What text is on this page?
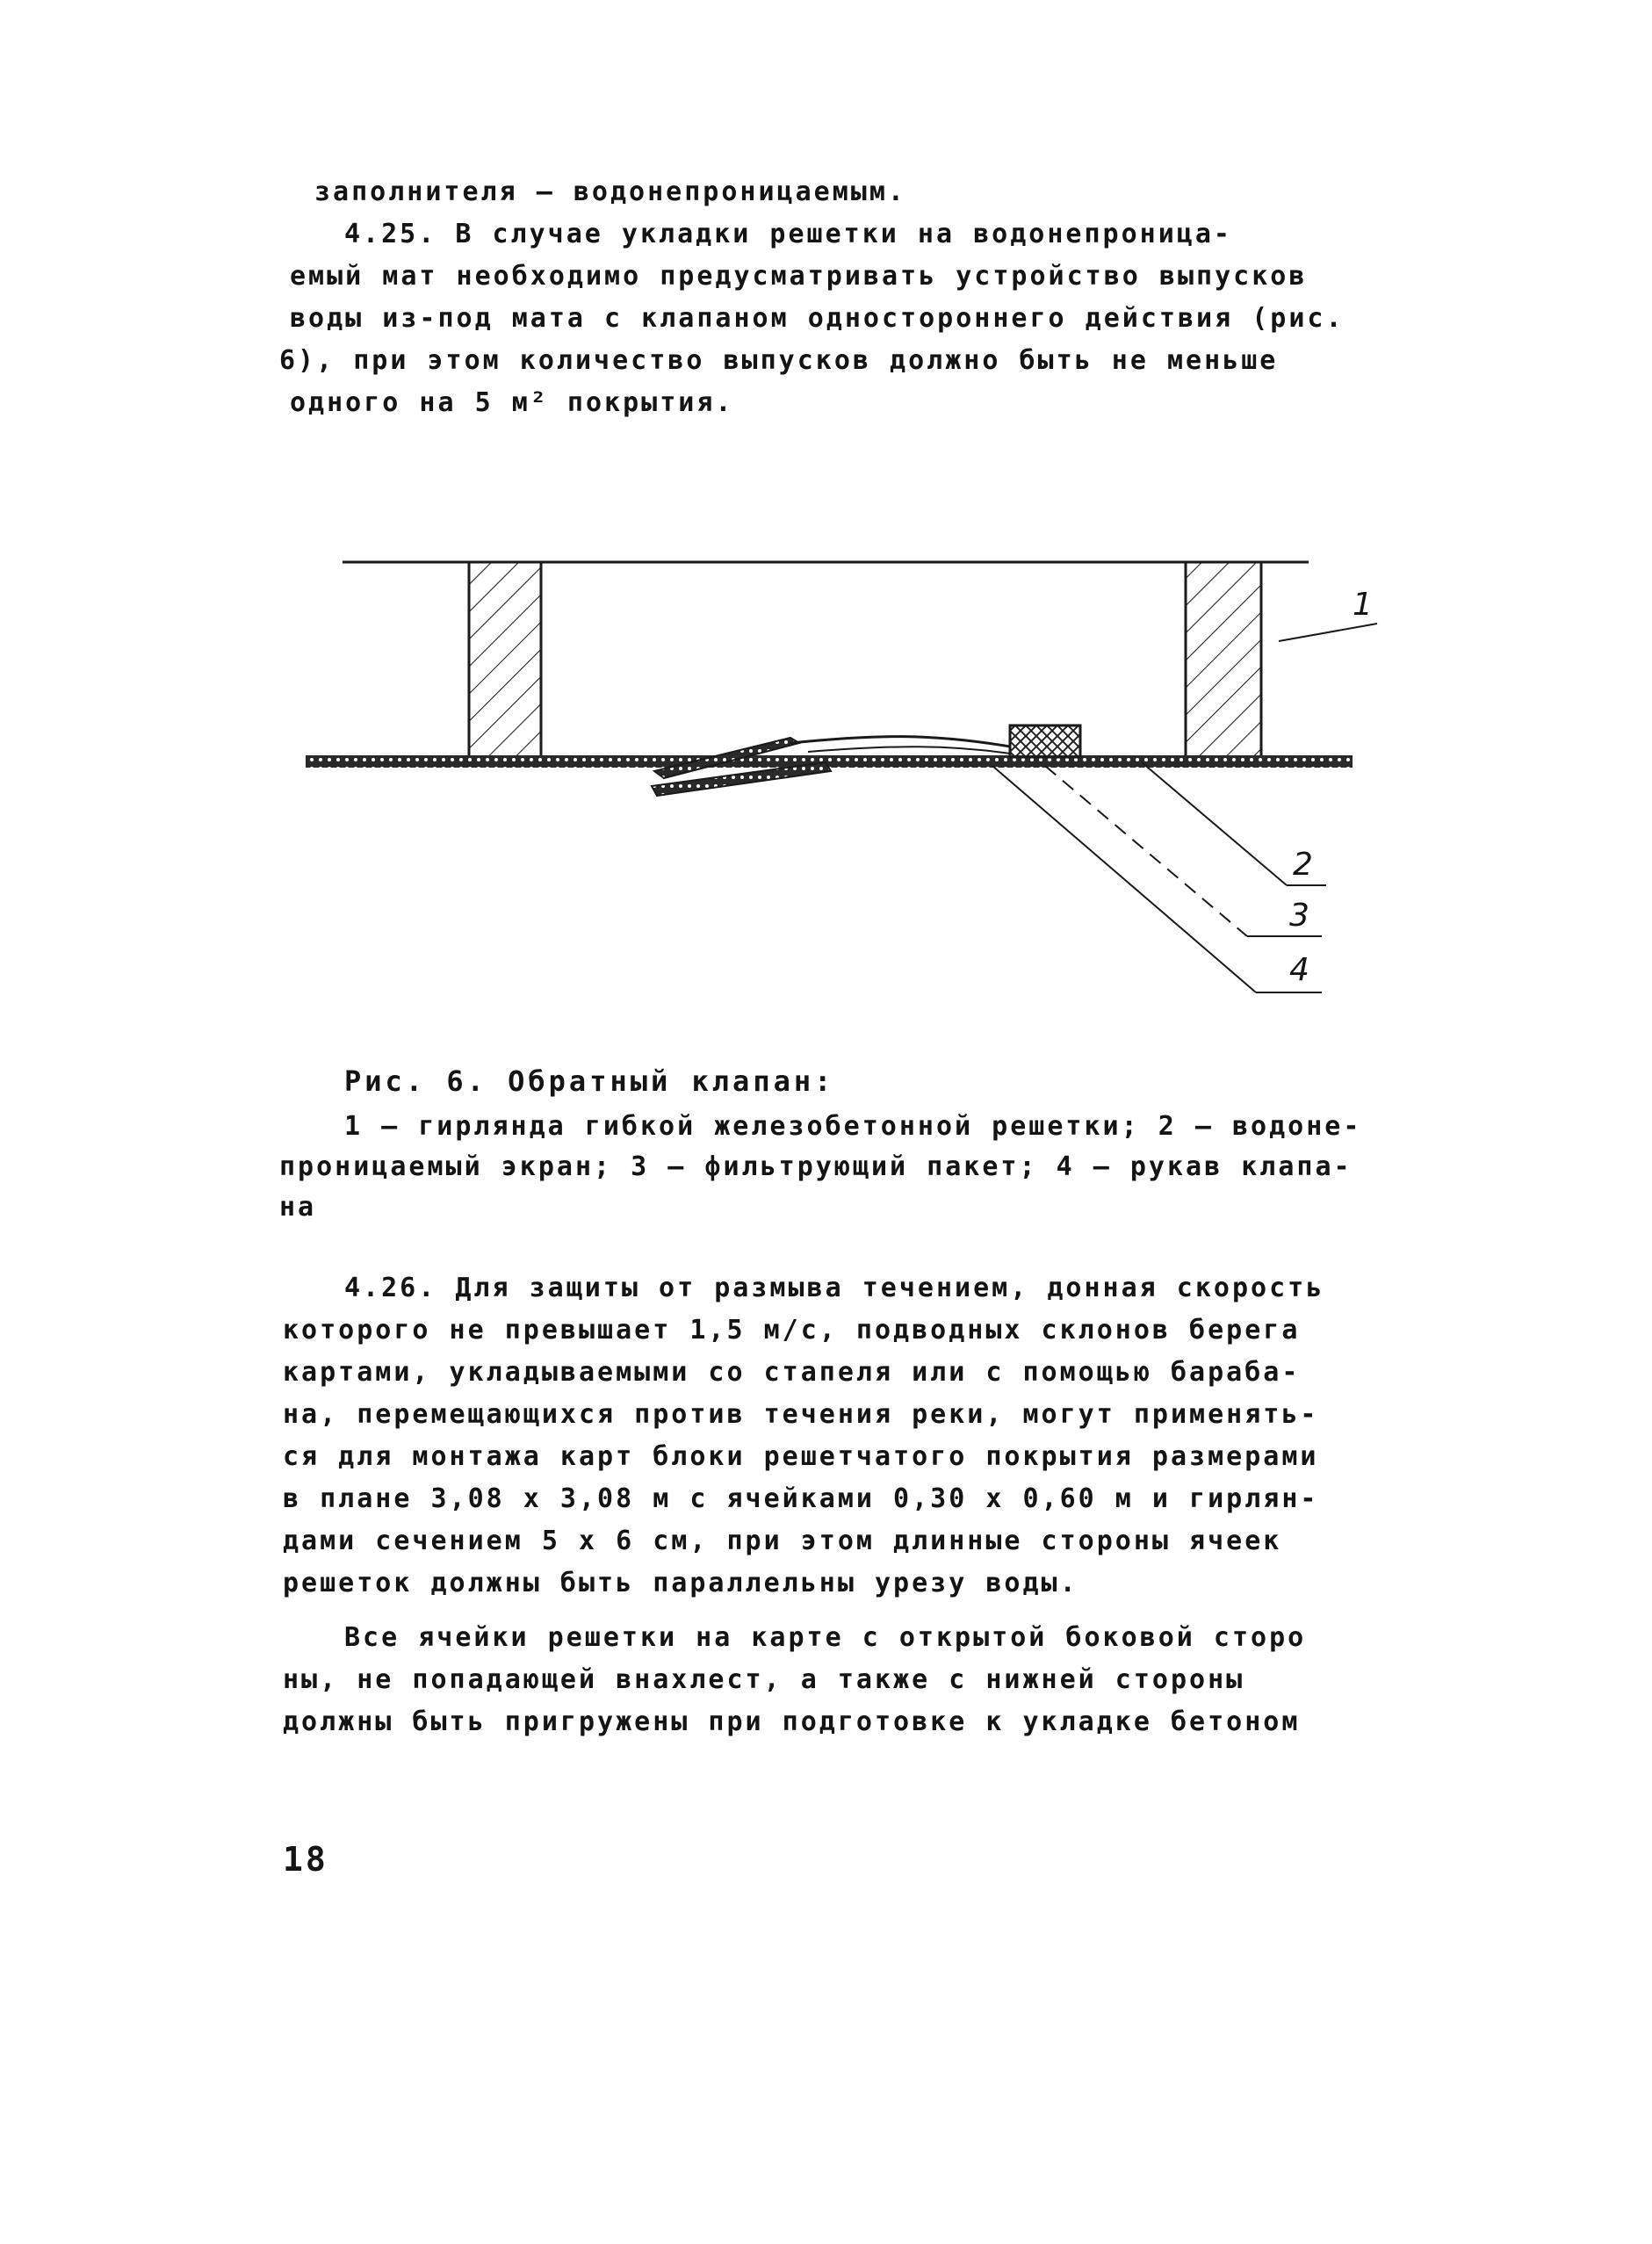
заполнителя – водонепроницаемым.
4.25. В случае укладки решетки на водонепроница-
емый мат необходимо предусматривать устройство выпусков
воды из-под мата с клапаном одностороннего действия (рис.
6), при этом количество выпусков должно быть не меньше
одного на 5 м² покрытия.
1
2
3
4
Рис. 6. Обратный клапан:
1 – гирлянда гибкой железобетонной решетки; 2 – водоне-
проницаемый экран; 3 – фильтрующий пакет; 4 – рукав клапа-
на
4.26. Для защиты от размыва течением, донная скорость
которого не превышает 1,5 м/с, подводных склонов берега
картами, укладываемыми со стапеля или с помощью бараба-
на, перемещающихся против течения реки, могут применять-
ся для монтажа карт блоки решетчатого покрытия размерами
в плане 3,08 x 3,08 м с ячейками 0,30 x 0,60 м и гирлян-
дами сечением 5 x 6 см, при этом длинные стороны ячеек
решеток должны быть параллельны урезу воды.
Все ячейки решетки на карте с открытой боковой сторо
ны, не попадающей внахлест, а также с нижней стороны
должны быть пригружены при подготовке к укладке бетоном
18
